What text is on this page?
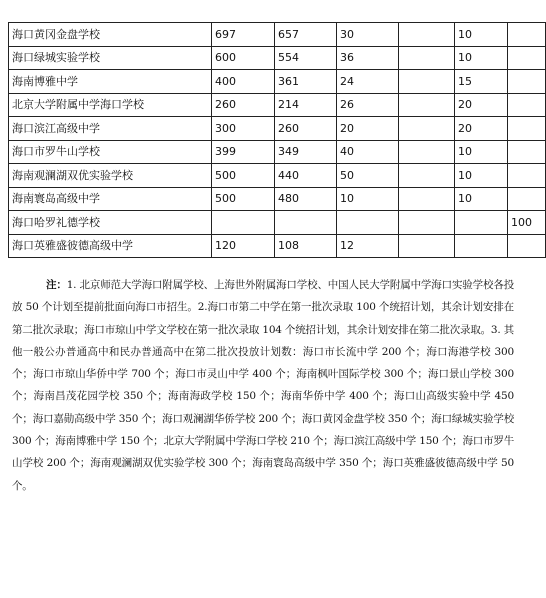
海口黄冈金盘学校	697	657	30		10	
海口绿城实验学校	600	554	36		10	
海南博雅中学	400	361	24		15	
北京大学附属中学海口学校	260	214	26		20	
海口滨江高级中学	300	260	20		20	
海口市罗牛山学校	399	349	40		10	
海南观澜湖双优实验学校	500	440	50		10	
海南寰岛高级中学	500	480	10		10	
海口哈罗礼德学校						100
海口英雅盛彼德高级中学	120	108	12			
注：1. 北京师范大学海口附属学校、上海世外附属海口学校、中国人民大学附属中学海口实验学校各投放 50 个计划至提前批面向海口市招生。2.海口市第二中学在第一批次录取 100 个统招计划，其余计划安排在第二批次录取；海口市琼山中学文学校在第一批次录取 104 个统招计划，其余计划安排在第二批次录取。3. 其他一般公办普通高中和民办普通高中在第二批次投放计划数：海口市长流中学 200 个；海口海港学校 300 个；海口市琼山华侨中学 700 个；海口市灵山中学 400 个；海南枫叶国际学校 300 个；海口景山学校 300 个；海南昌茂花园学校 350 个；海南海政学校 150 个；海南华侨中学 400 个；海口山高级实验中学 450 个；海口嘉勋高级中学 350 个；海口观澜湖华侨学校 200 个；海口黄冈金盘学校 350 个；海口绿城实验学校 300 个；海南博雅中学 150 个；北京大学附属中学海口学校 210 个；海口滨江高级中学 150 个；海口市罗牛山学校 200 个；海南观澜湖双优实验学校 300 个；海南寰岛高级中学 350 个；海口英雅盛彼德高级中学 50 个。
